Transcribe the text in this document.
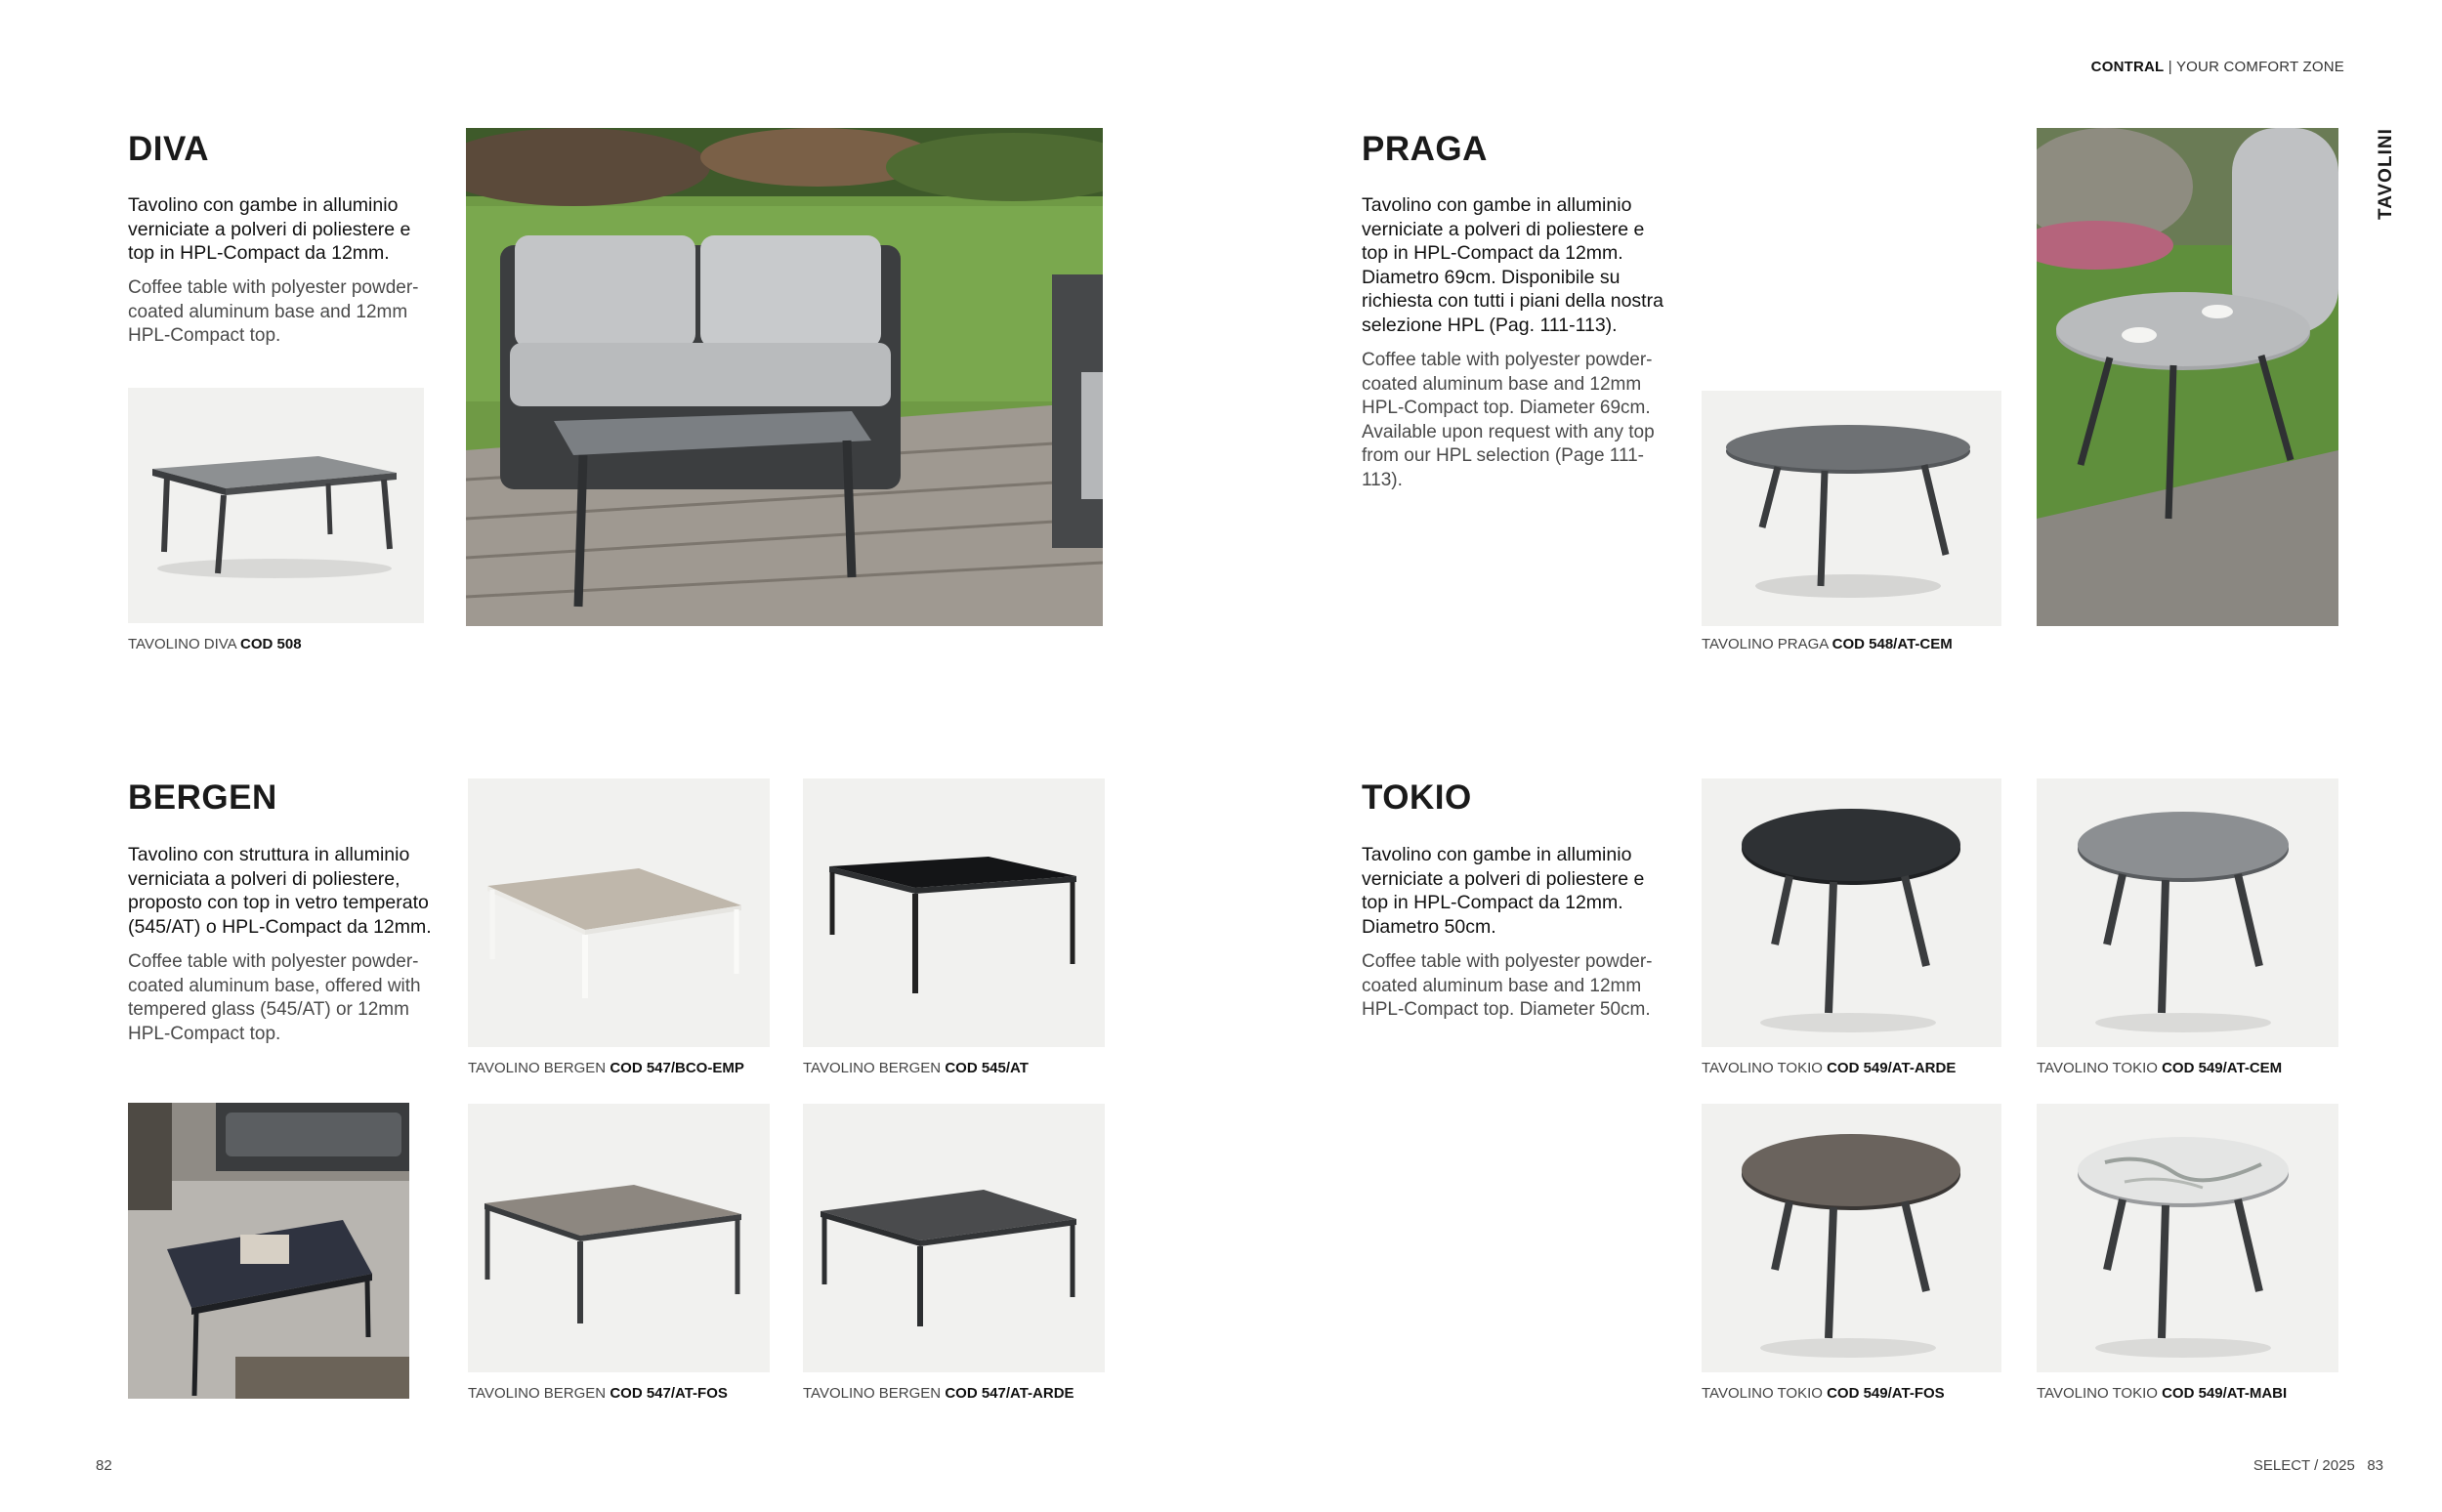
CONTRAL | YOUR COMFORT ZONE
TAVOLINI
DIVA
Tavolino con gambe in alluminio verniciate a polveri di poliestere e top in HPL-Compact da 12mm.
Coffee table with polyester powder-coated aluminum base and 12mm HPL-Compact top.
TAVOLINO DIVA COD 508
PRAGA
Tavolino con gambe in alluminio verniciate a polveri di poliestere e top in HPL-Compact da 12mm. Diametro 69cm. Disponibile su richiesta con tutti i piani della nostra selezione HPL (Pag. 111-113).
Coffee table with polyester powder-coated aluminum base and 12mm HPL-Compact top. Diameter 69cm. Available upon request with any top from our HPL selection (Page 111-113).
TAVOLINO PRAGA COD 548/AT-CEM
BERGEN
Tavolino con struttura in alluminio verniciata a polveri di poliestere, proposto con top in vetro temperato (545/AT) o HPL-Compact da 12mm.
Coffee table with polyester powder-coated aluminum base, offered with tempered glass (545/AT) or 12mm HPL-Compact top.
TAVOLINO BERGEN COD 547/BCO-EMP	TAVOLINO BERGEN COD 545/AT
TAVOLINO BERGEN COD 547/AT-FOS	TAVOLINO BERGEN COD 547/AT-ARDE
TOKIO
Tavolino con gambe in alluminio verniciate a polveri di poliestere e top in HPL-Compact da 12mm. Diametro 50cm.
Coffee table with polyester powder-coated aluminum base and 12mm HPL-Compact top. Diameter 50cm.
TAVOLINO TOKIO COD 549/AT-ARDE	TAVOLINO TOKIO COD 549/AT-CEM
TAVOLINO TOKIO COD 549/AT-FOS	TAVOLINO TOKIO COD 549/AT-MABI
82	SELECT / 2025 83
